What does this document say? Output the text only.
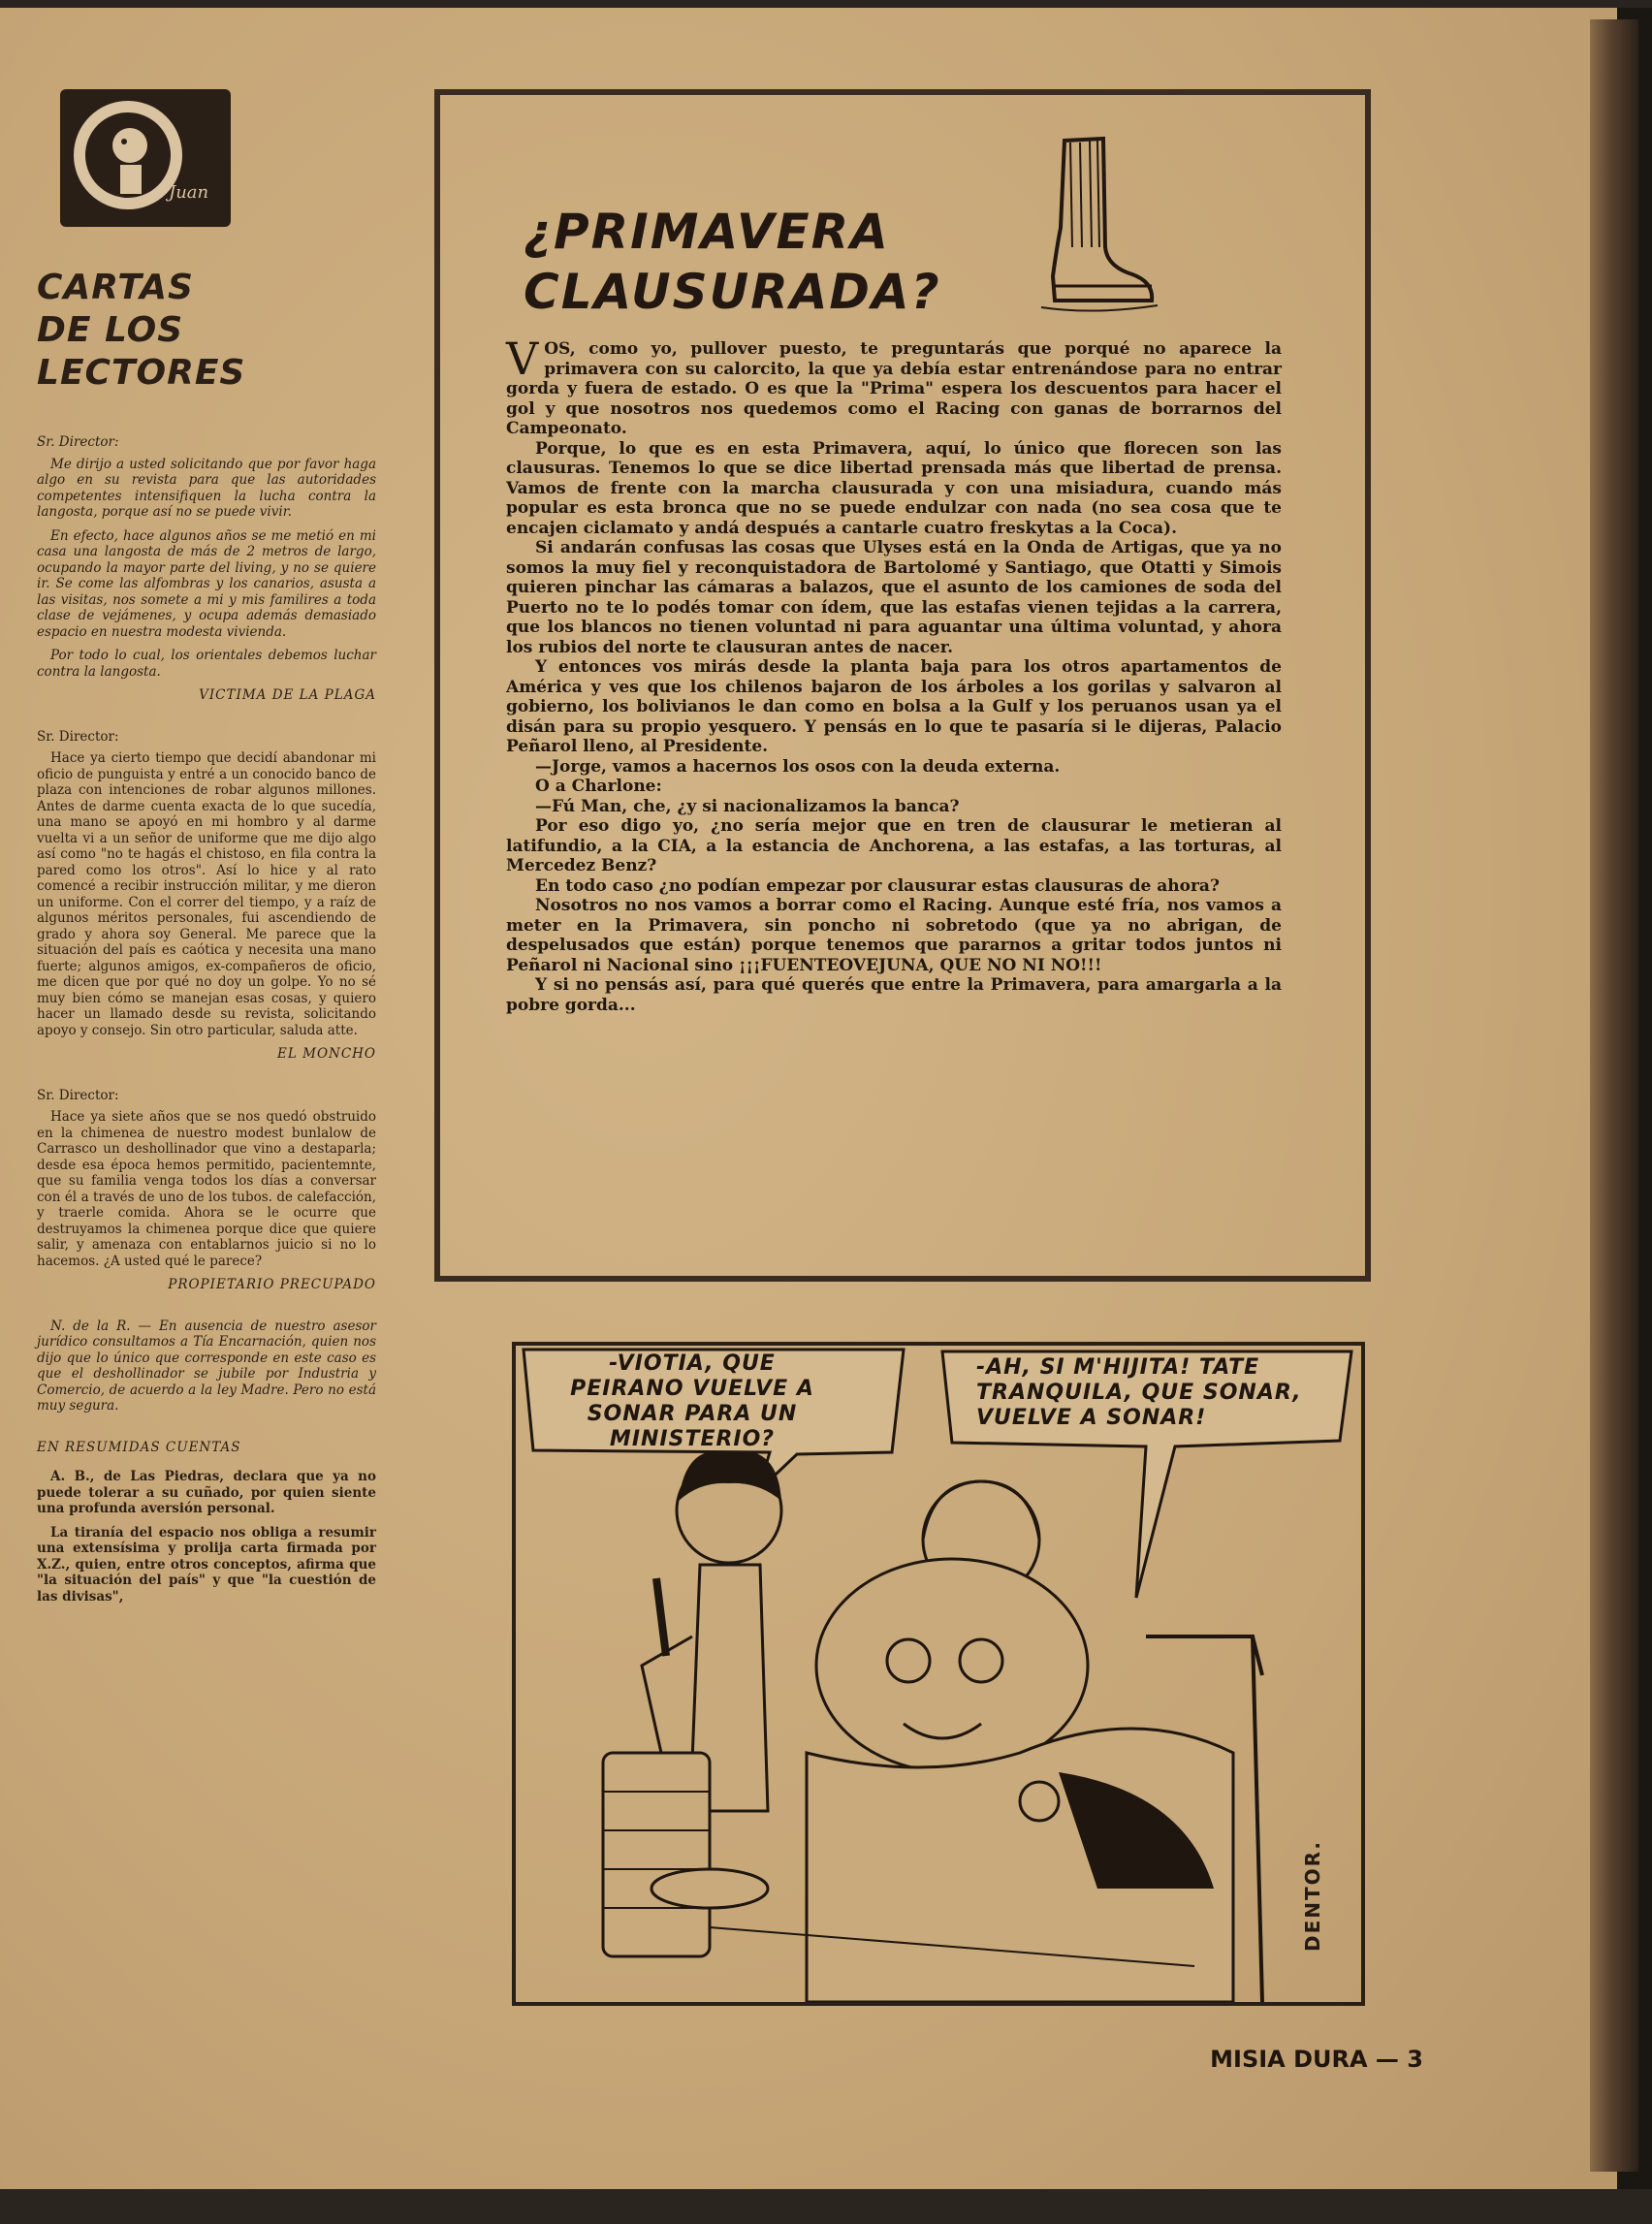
Juan
CARTAS
DE LOS
LECTORES

Sr. Director:

Me dirijo a usted solicitando que por favor haga algo en su revista para que las autoridades competentes intensifiquen la lucha contra la langosta, porque así no se puede vivir.

En efecto, hace algunos años se me metió en mi casa una langosta de más de 2 metros de largo, ocupando la mayor parte del living, y no se quiere ir. Se come las alfombras y los canarios, asusta a las visitas, nos somete a mi y mis familires a toda clase de vejámenes, y ocupa además demasiado espacio en nuestra modesta vivienda.

Por todo lo cual, los orientales debemos luchar contra la langosta.

VICTIMA DE LA PLAGA

Sr. Director:

Hace ya cierto tiempo que decidí abandonar mi oficio de punguista y entré a un conocido banco de plaza con intenciones de robar algunos millones. Antes de darme cuenta exacta de lo que sucedía, una mano se apoyó en mi hombro y al darme vuelta vi a un señor de uniforme que me dijo algo así como "no te hagás el chistoso, en fila contra la pared como los otros". Así lo hice y al rato comencé a recibir instrucción militar, y me dieron un uniforme. Con el correr del tiempo, y a raíz de algunos méritos personales, fui ascendiendo de grado y ahora soy General. Me parece que la situación del país es caótica y necesita una mano fuerte; algunos amigos, ex-compañeros de oficio, me dicen que por qué no doy un golpe. Yo no sé muy bien cómo se manejan esas cosas, y quiero hacer un llamado desde su revista, solicitando apoyo y consejo. Sin otro particular, saluda atte.

EL MONCHO

Sr. Director:

Hace ya siete años que se nos quedó obstruido en la chimenea de nuestro modest bunlalow de Carrasco un deshollinador que vino a destaparla; desde esa época hemos permitido, pacientemnte, que su familia venga todos los días a conversar con él a través de uno de los tubos. de calefacción, y traerle comida. Ahora se le ocurre que destruyamos la chimenea porque dice que quiere salir, y amenaza con entablarnos juicio si no lo hacemos. ¿A usted qué le parece?

PROPIETARIO PRECUPADO

N. de la R. — En ausencia de nuestro asesor jurídico consultamos a Tía Encarnación, quien nos dijo que lo único que corresponde en este caso es que el deshollinador se jubile por Industria y Comercio, de acuerdo a la ley Madre. Pero no está muy segura.

EN RESUMIDAS CUENTAS

A. B., de Las Piedras, declara que ya no puede tolerar a su cuñado, por quien siente una profunda aversión personal.

La tiranía del espacio nos obliga a resumir una extensísima y prolija carta firmada por X.Z., quien, entre otros conceptos, afirma que "la situación del país" y que "la cuestión de las divisas",

¿PRIMAVERA
CLAUSURADA?

VOS, como yo, pullover puesto, te preguntarás que porqué no aparece la primavera con su calorcito, la que ya debía estar entrenándose para no entrar gorda y fuera de estado. O es que la "Prima" espera los descuentos para hacer el gol y que nosotros nos quedemos como el Racing con ganas de borrarnos del Campeonato.

Porque, lo que es en esta Primavera, aquí, lo único que florecen son las clausuras. Tenemos lo que se dice libertad prensada más que libertad de prensa. Vamos de frente con la marcha clausurada y con una misiadura, cuando más popular es esta bronca que no se puede endulzar con nada (no sea cosa que te encajen ciclamato y andá después a cantarle cuatro freskytas a la Coca).

Si andarán confusas las cosas que Ulyses está en la Onda de Artigas, que ya no somos la muy fiel y reconquistadora de Bartolomé y Santiago, que Otatti y Simois quieren pinchar las cámaras a balazos, que el asunto de los camiones de soda del Puerto no te lo podés tomar con ídem, que las estafas vienen tejidas a la carrera, que los blancos no tienen voluntad ni para aguantar una última voluntad, y ahora los rubios del norte te clausuran antes de nacer.

Y entonces vos mirás desde la planta baja para los otros apartamentos de América y ves que los chilenos bajaron de los árboles a los gorilas y salvaron al gobierno, los bolivianos le dan como en bolsa a la Gulf y los peruanos usan ya el disán para su propio yesquero. Y pensás en lo que te pasaría si le dijeras, Palacio Peñarol lleno, al Presidente.

—Jorge, vamos a hacernos los osos con la deuda externa.

O a Charlone:

—Fú Man, che, ¿y si nacionalizamos la banca?

Por eso digo yo, ¿no sería mejor que en tren de clausurar le metieran al latifundio, a la CIA, a la estancia de Anchorena, a las estafas, a las torturas, al Mercedez Benz?

En todo caso ¿no podían empezar por clausurar estas clausuras de ahora?

Nosotros no nos vamos a borrar como el Racing. Aunque esté fría, nos vamos a meter en la Primavera, sin poncho ni sobretodo (que ya no abrigan, de despelusados que están) porque tenemos que pararnos a gritar todos juntos ni Peñarol ni Nacional sino ¡¡¡FUENTEOVEJUNA, QUE NO NI NO!!!

Y si no pensás así, para qué querés que entre la Primavera, para amargarla a la pobre gorda...

-VIOTIA, QUE PEIRANO VUELVE A SONAR PARA UN MINISTERIO?
-AH, SI M'HIJITA! TATE TRANQUILA, QUE SONAR, VUELVE A SONAR!
DENTOR.
MISIA DURA — 3
